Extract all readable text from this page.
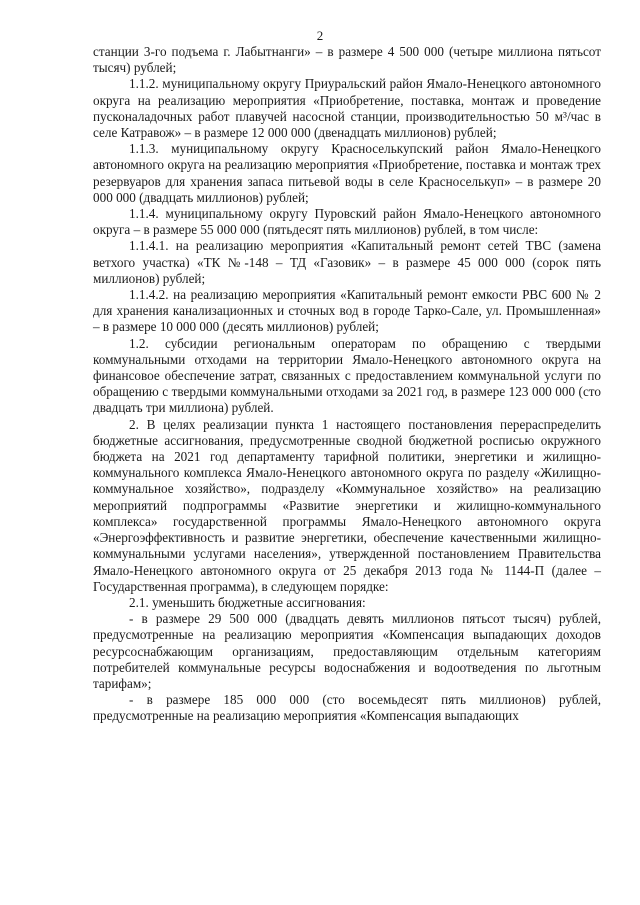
2

станции 3-го подъема г. Лабытнанги» – в размере 4 500 000 (четыре миллиона пятьсот тысяч) рублей;

1.1.2. муниципальному округу Приуральский район Ямало-Ненецкого автономного округа на реализацию мероприятия «Приобретение, поставка, монтаж и проведение пусконаладочных работ плавучей насосной станции, производительностью 50 м³/час в селе Катравож» – в размере 12 000 000 (двенадцать миллионов) рублей;

1.1.3. муниципальному округу Красноселькупский район Ямало-Ненецкого автономного округа на реализацию мероприятия «Приобретение, поставка и монтаж трех резервуаров для хранения запаса питьевой воды в селе Красноселькуп» – в размере 20 000 000 (двадцать миллионов) рублей;

1.1.4. муниципальному округу Пуровский район Ямало-Ненецкого автономного округа – в размере 55 000 000 (пятьдесят пять миллионов) рублей, в том числе:

1.1.4.1. на реализацию мероприятия «Капитальный ремонт сетей ТВС (замена ветхого участка) «ТК №-148 – ТД «Газовик» – в размере 45 000 000 (сорок пять миллионов) рублей;

1.1.4.2. на реализацию мероприятия «Капитальный ремонт емкости РВС 600 № 2 для хранения канализационных и сточных вод в городе Тарко-Сале, ул. Промышленная» – в размере 10 000 000 (десять миллионов) рублей;

1.2. субсидии региональным операторам по обращению с твердыми коммунальными отходами на территории Ямало-Ненецкого автономного округа на финансовое обеспечение затрат, связанных с предоставлением коммунальной услуги по обращению с твердыми коммунальными отходами за 2021 год, в размере 123 000 000 (сто двадцать три миллиона) рублей.

2. В целях реализации пункта 1 настоящего постановления перераспределить бюджетные ассигнования, предусмотренные сводной бюджетной росписью окружного бюджета на 2021 год департаменту тарифной политики, энергетики и жилищно-коммунального комплекса Ямало-Ненецкого автономного округа по разделу «Жилищно-коммунальное хозяйство», подразделу «Коммунальное хозяйство» на реализацию мероприятий подпрограммы «Развитие энергетики и жилищно-коммунального комплекса» государственной программы Ямало-Ненецкого автономного округа «Энергоэффективность и развитие энергетики, обеспечение качественными жилищно-коммунальными услугами населения», утвержденной постановлением Правительства Ямало-Ненецкого автономного округа от 25 декабря 2013 года № 1144-П (далее – Государственная программа), в следующем порядке:

2.1. уменьшить бюджетные ассигнования:

- в размере 29 500 000 (двадцать девять миллионов пятьсот тысяч) рублей, предусмотренные на реализацию мероприятия «Компенсация выпадающих доходов ресурсоснабжающим организациям, предоставляющим отдельным категориям потребителей коммунальные ресурсы водоснабжения и водоотведения по льготным тарифам»;

- в размере 185 000 000 (сто восемьдесят пять миллионов) рублей, предусмотренные на реализацию мероприятия «Компенсация выпадающих
